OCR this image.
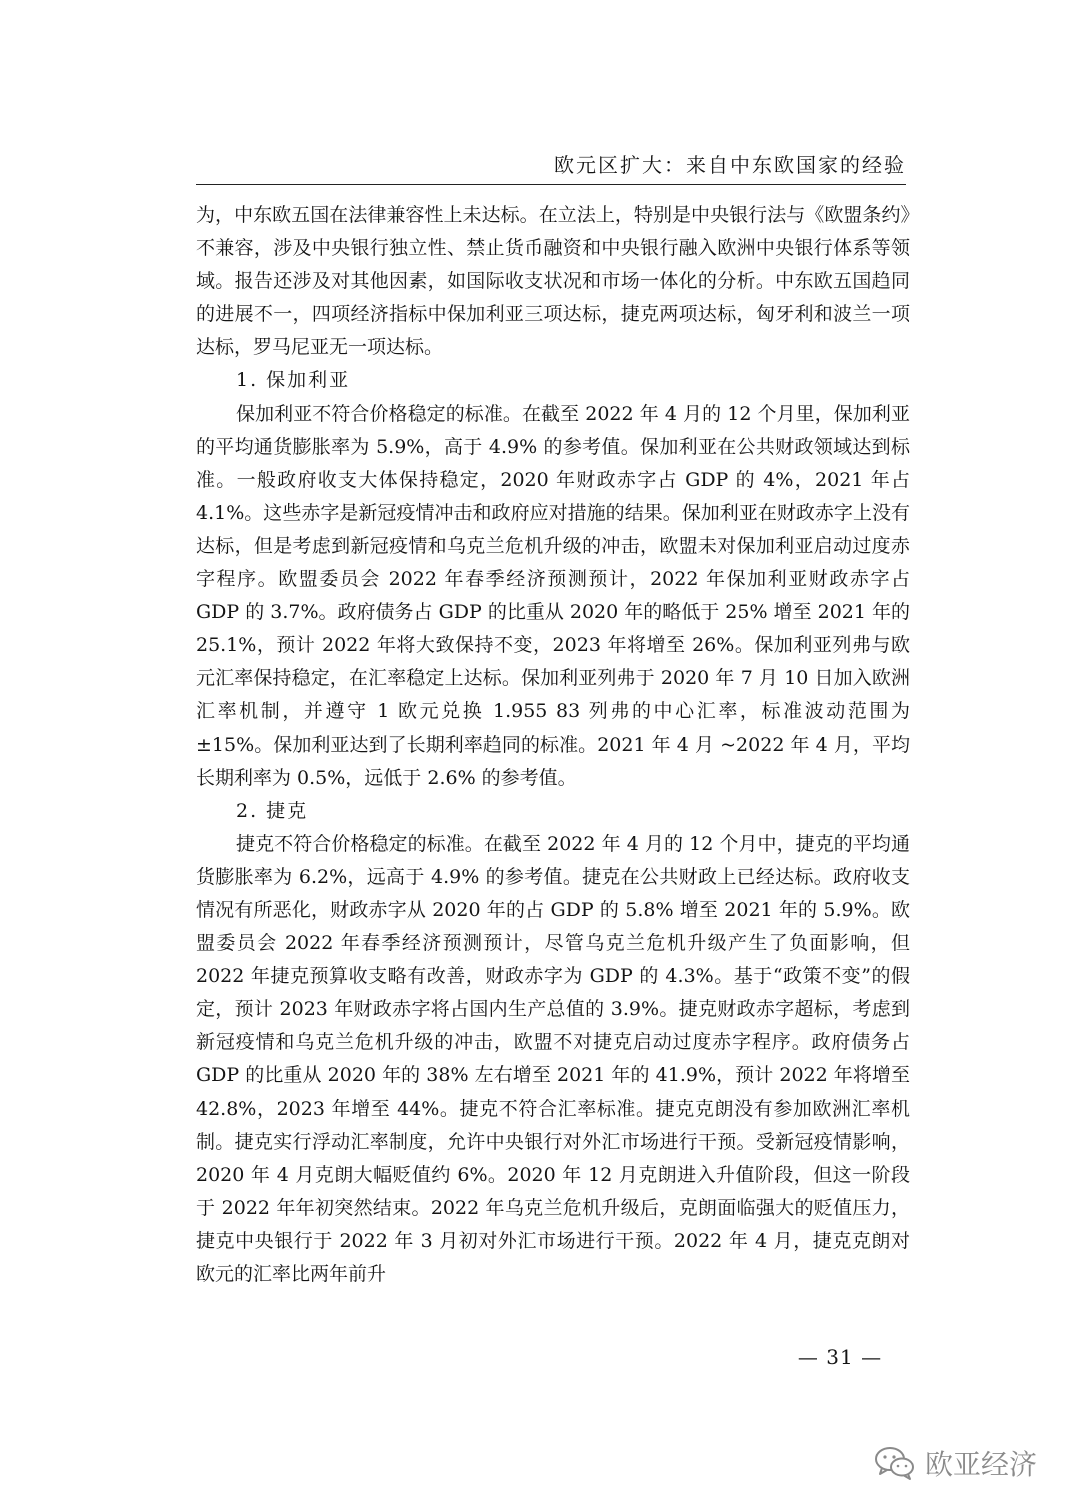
欧元区扩大：来自中东欧国家的经验

为，中东欧五国在法律兼容性上未达标。在立法上，特别是中央银行法与《欧盟条约》不兼容，涉及中央银行独立性、禁止货币融资和中央银行融入欧洲中央银行体系等领域。报告还涉及对其他因素，如国际收支状况和市场一体化的分析。中东欧五国趋同的进展不一，四项经济指标中保加利亚三项达标，捷克两项达标，匈牙利和波兰一项达标，罗马尼亚无一项达标。

1. 保加利亚

保加利亚不符合价格稳定的标准。在截至 2022 年 4 月的 12 个月里，保加利亚的平均通货膨胀率为 5.9%，高于 4.9% 的参考值。保加利亚在公共财政领域达到标准。一般政府收支大体保持稳定，2020 年财政赤字占 GDP 的 4%，2021 年占 4.1%。这些赤字是新冠疫情冲击和政府应对措施的结果。保加利亚在财政赤字上没有达标，但是考虑到新冠疫情和乌克兰危机升级的冲击，欧盟未对保加利亚启动过度赤字程序。欧盟委员会 2022 年春季经济预测预计，2022 年保加利亚财政赤字占 GDP 的 3.7%。政府债务占 GDP 的比重从 2020 年的略低于 25% 增至 2021 年的 25.1%，预计 2022 年将大致保持不变，2023 年将增至 26%。保加利亚列弗与欧元汇率保持稳定，在汇率稳定上达标。保加利亚列弗于 2020 年 7 月 10 日加入欧洲汇率机制，并遵守 1 欧元兑换 1.955 83 列弗的中心汇率，标准波动范围为 ±15%。保加利亚达到了长期利率趋同的标准。2021 年 4 月 ~2022 年 4 月，平均长期利率为 0.5%，远低于 2.6% 的参考值。

2. 捷克

捷克不符合价格稳定的标准。在截至 2022 年 4 月的 12 个月中，捷克的平均通货膨胀率为 6.2%，远高于 4.9% 的参考值。捷克在公共财政上已经达标。政府收支情况有所恶化，财政赤字从 2020 年的占 GDP 的 5.8% 增至 2021 年的 5.9%。欧盟委员会 2022 年春季经济预测预计，尽管乌克兰危机升级产生了负面影响，但 2022 年捷克预算收支略有改善，财政赤字为 GDP 的 4.3%。基于“政策不变”的假定，预计 2023 年财政赤字将占国内生产总值的 3.9%。捷克财政赤字超标，考虑到新冠疫情和乌克兰危机升级的冲击，欧盟不对捷克启动过度赤字程序。政府债务占 GDP 的比重从 2020 年的 38% 左右增至 2021 年的 41.9%，预计 2022 年将增至 42.8%，2023 年增至 44%。捷克不符合汇率标准。捷克克朗没有参加欧洲汇率机制。捷克实行浮动汇率制度，允许中央银行对外汇市场进行干预。受新冠疫情影响，2020 年 4 月克朗大幅贬值约 6%。2020 年 12 月克朗进入升值阶段，但这一阶段于 2022 年年初突然结束。2022 年乌克兰危机升级后，克朗面临强大的贬值压力，捷克中央银行于 2022 年 3 月初对外汇市场进行干预。2022 年 4 月，捷克克朗对欧元的汇率比两年前升

— 31 —
欧亚经济
